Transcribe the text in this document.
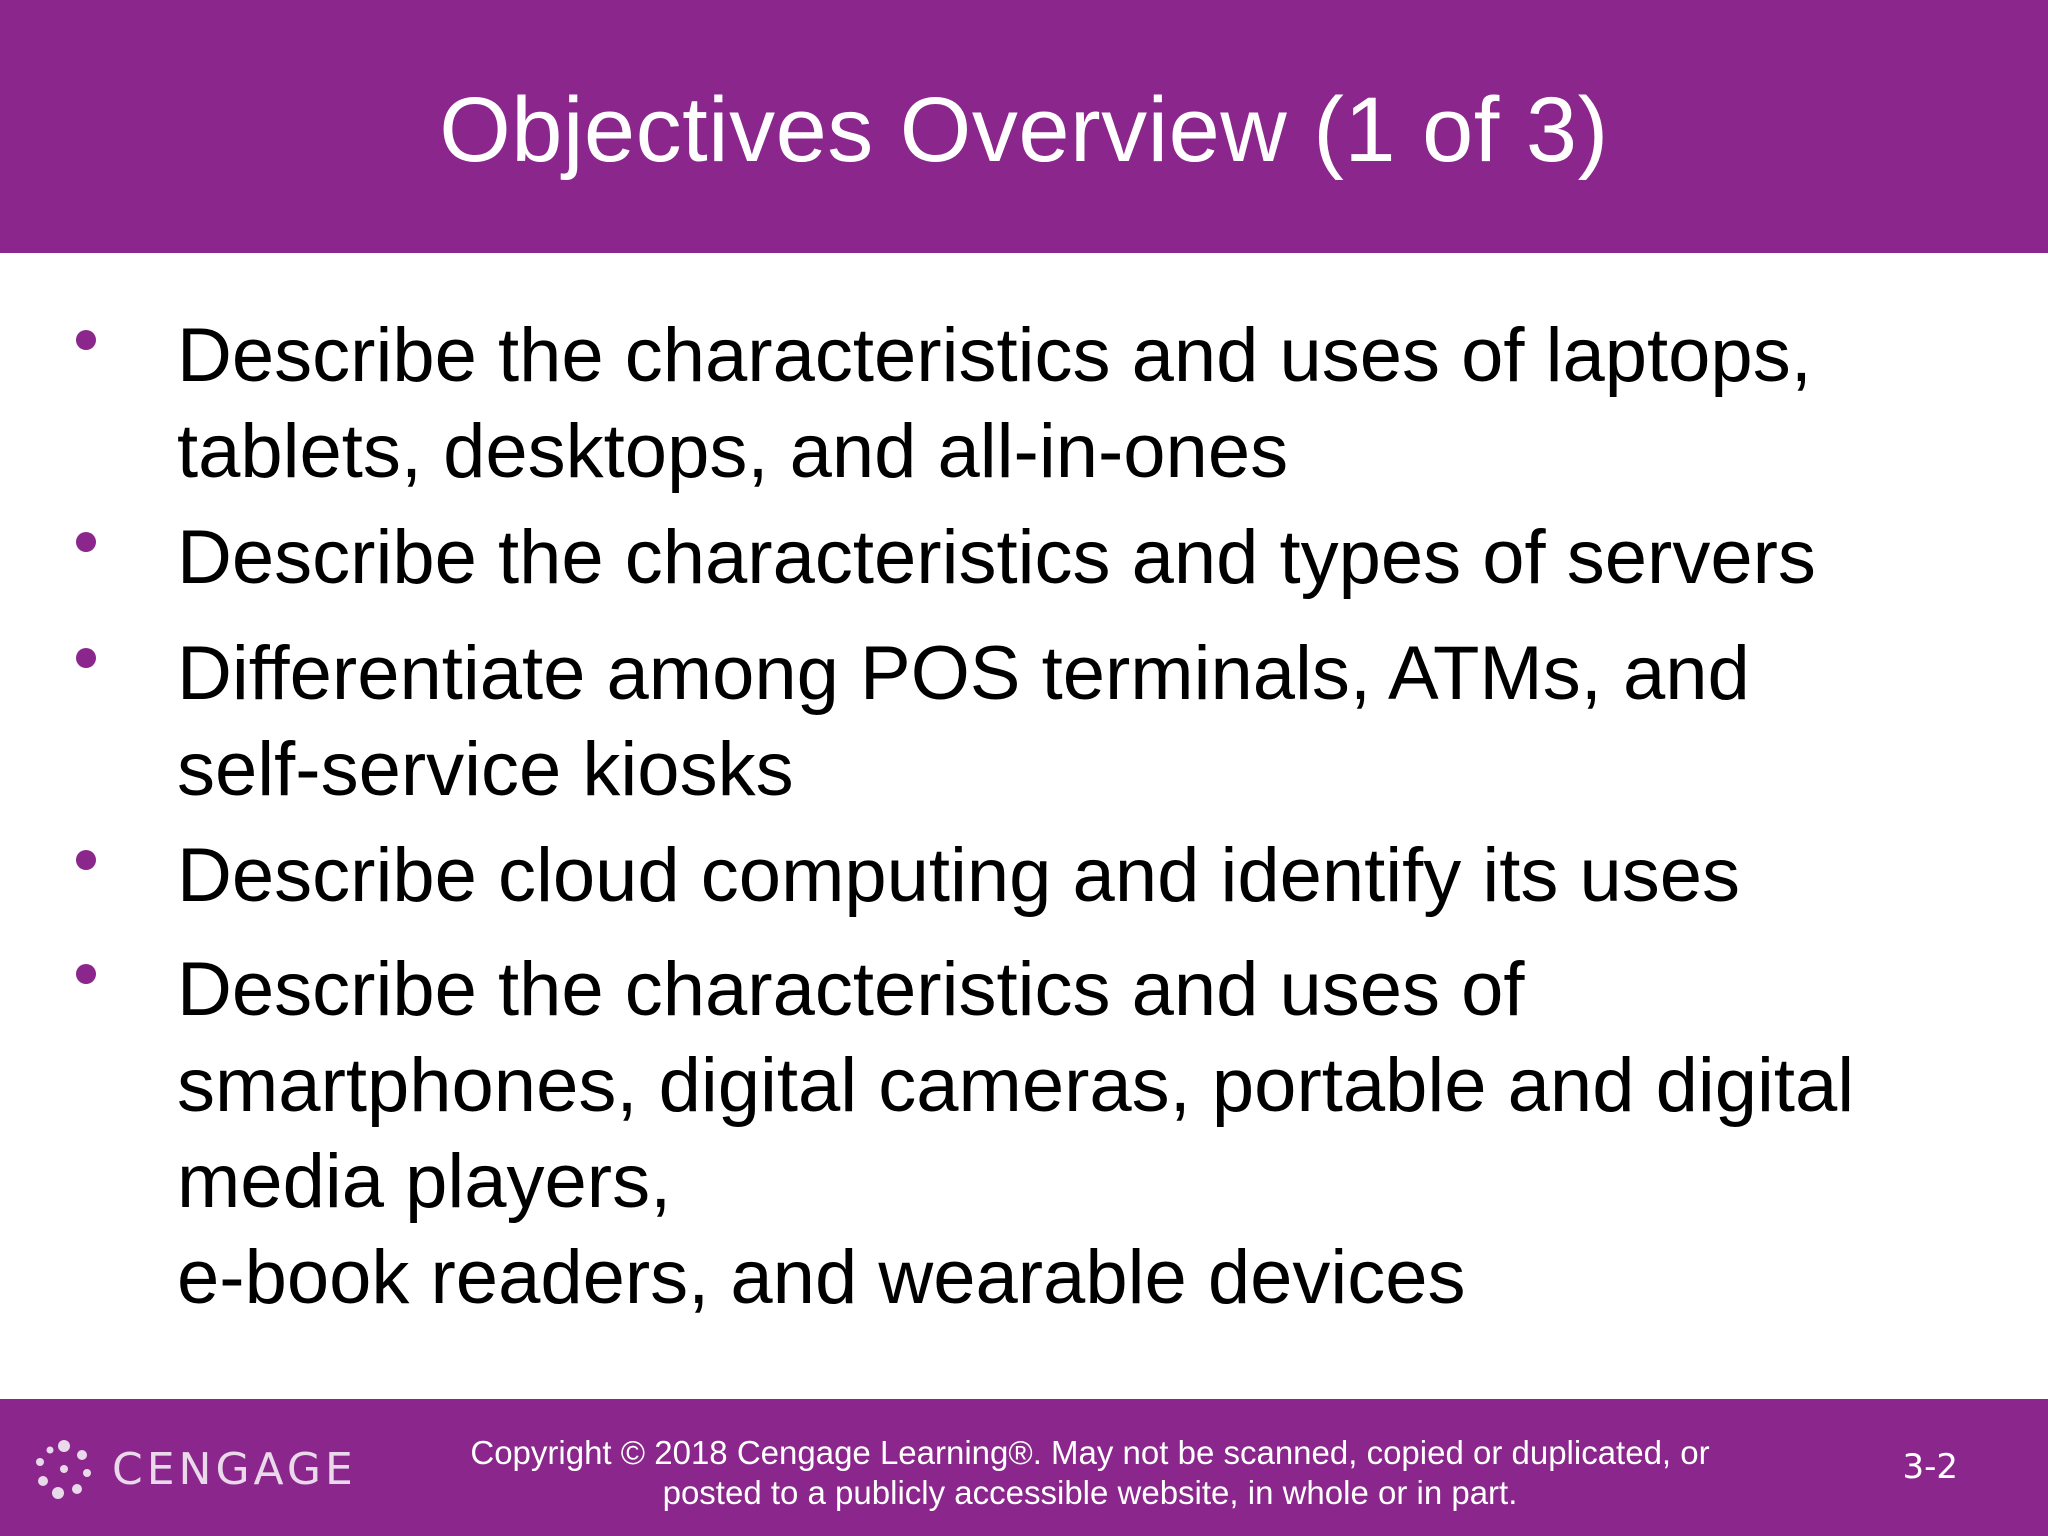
Objectives Overview (1 of 3)

Describe the characteristics and uses of laptops,
tablets, desktops, and all-in-ones

Describe the characteristics and types of servers

Differentiate among POS terminals, ATMs, and
self-service kiosks

Describe cloud computing and identify its uses

Describe the characteristics and uses of
smartphones, digital cameras, portable and digital
media players,
e-book readers, and wearable devices

CENGAGE	Copyright © 2018 Cengage Learning®. May not be scanned, copied or duplicated, or
posted to a publicly accessible website, in whole or in part.

3-2
